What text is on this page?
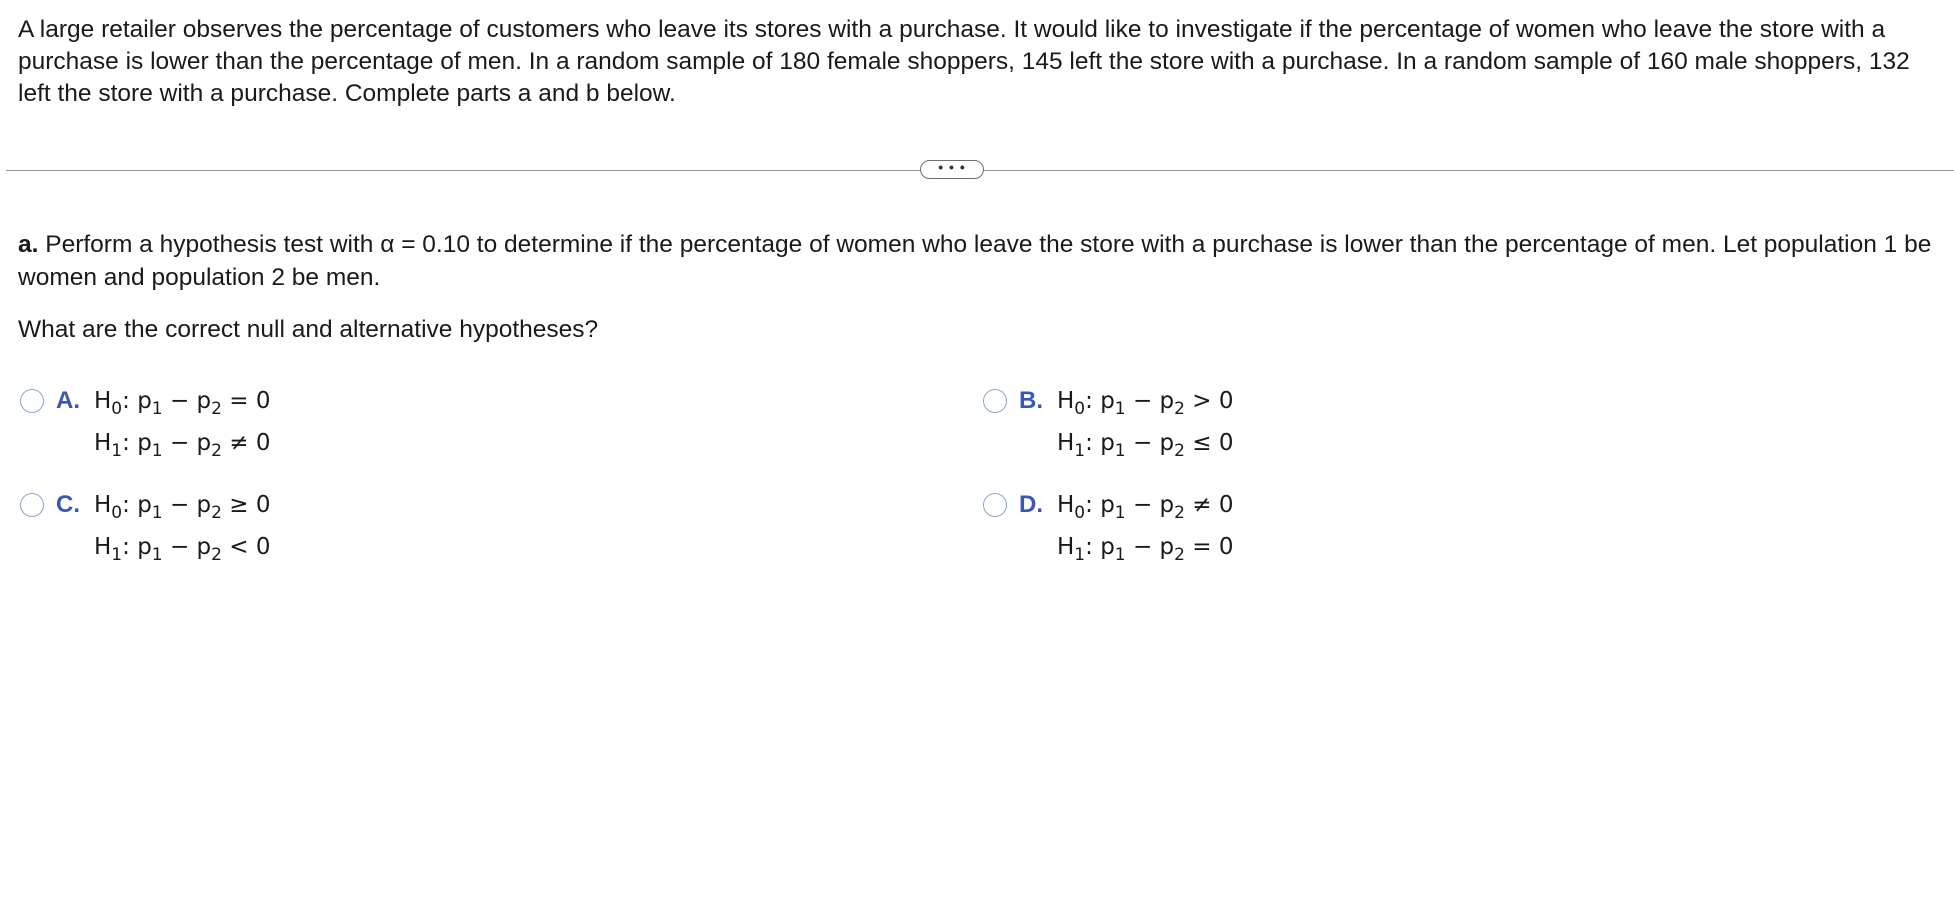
A large retailer observes the percentage of customers who leave its stores with a purchase. It would like to investigate if the percentage of women who leave the store with a purchase is lower than the percentage of men. In a random sample of 180 female shoppers, 145 left the store with a purchase. In a random sample of 160 male shoppers, 132 left the store with a purchase. Complete parts a and b below.

• • •

a. Perform a hypothesis test with α = 0.10 to determine if the percentage of women who leave the store with a purchase is lower than the percentage of men. Let population 1 be women and population 2 be men.

What are the correct null and alternative hypotheses?

A. $H_0$: $p_1 - p_2 = 0$
$H_1$: $p_1 - p_2 \ne 0$
B. $H_0$: $p_1 - p_2 > 0$
$H_1$: $p_1 - p_2 \le 0$
C. $H_0$: $p_1 - p_2 \ge 0$
$H_1$: $p_1 - p_2 < 0$
D. $H_0$: $p_1 - p_2 \ne 0$
$H_1$: $p_1 - p_2 = 0$
